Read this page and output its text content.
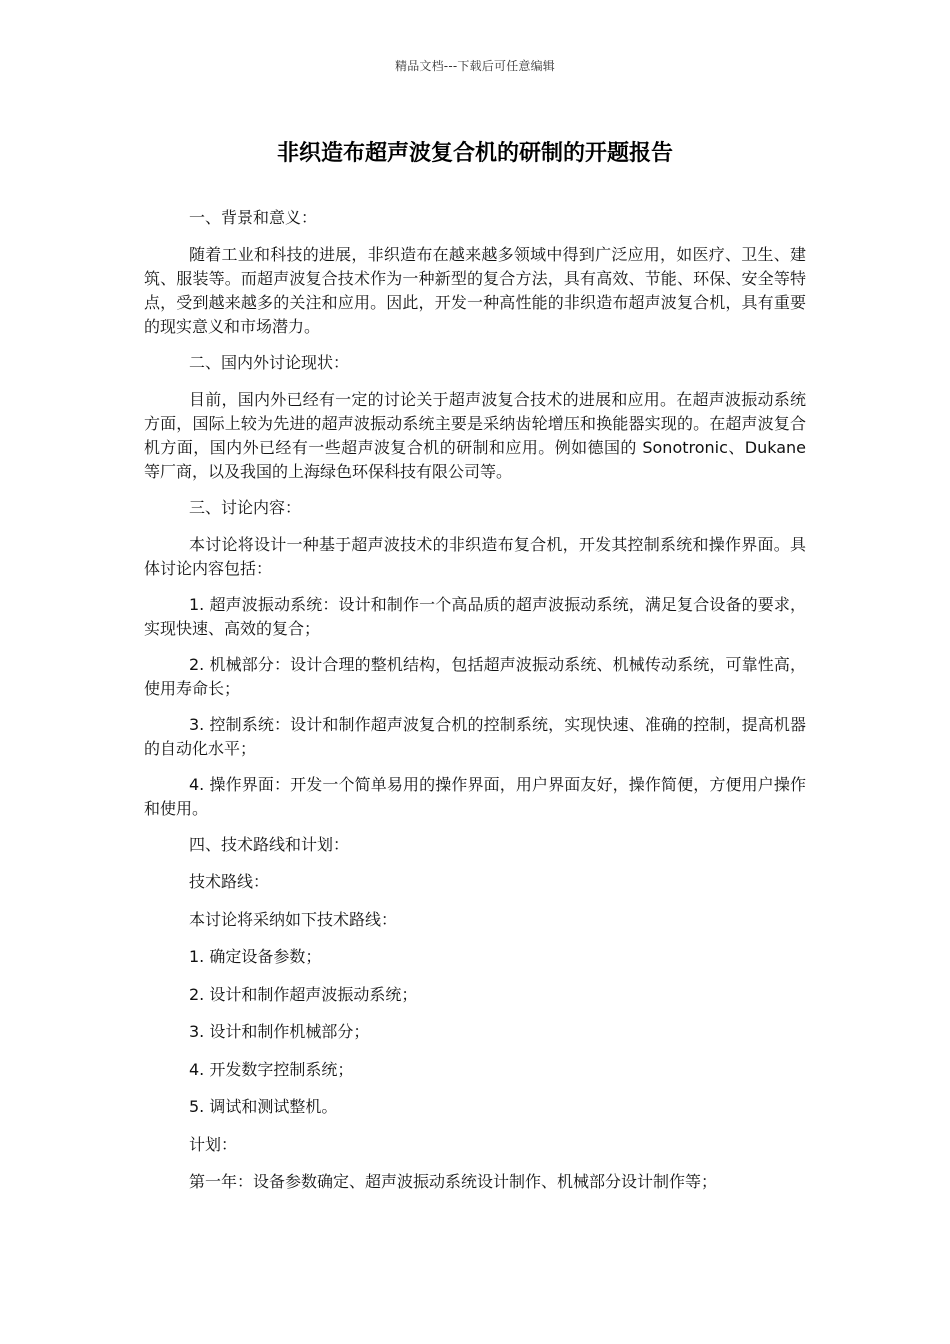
精品文档---下载后可任意编辑
非织造布超声波复合机的研制的开题报告

一、背景和意义：

随着工业和科技的进展，非织造布在越来越多领域中得到广泛应用，如医疗、卫生、建筑、服装等。而超声波复合技术作为一种新型的复合方法，具有高效、节能、环保、安全等特点，受到越来越多的关注和应用。因此，开发一种高性能的非织造布超声波复合机，具有重要的现实意义和市场潜力。

二、国内外讨论现状：

目前，国内外已经有一定的讨论关于超声波复合技术的进展和应用。在超声波振动系统方面，国际上较为先进的超声波振动系统主要是采纳齿轮增压和换能器实现的。在超声波复合机方面，国内外已经有一些超声波复合机的研制和应用。例如德国的 Sonotronic、Dukane 等厂商，以及我国的上海绿色环保科技有限公司等。

三、讨论内容：

本讨论将设计一种基于超声波技术的非织造布复合机，开发其控制系统和操作界面。具体讨论内容包括：

1. 超声波振动系统：设计和制作一个高品质的超声波振动系统，满足复合设备的要求，实现快速、高效的复合；

2. 机械部分：设计合理的整机结构，包括超声波振动系统、机械传动系统，可靠性高，使用寿命长；

3. 控制系统：设计和制作超声波复合机的控制系统，实现快速、准确的控制，提高机器的自动化水平；

4. 操作界面：开发一个简单易用的操作界面，用户界面友好，操作简便，方便用户操作和使用。

四、技术路线和计划：

技术路线：

本讨论将采纳如下技术路线：

1. 确定设备参数；

2. 设计和制作超声波振动系统；

3. 设计和制作机械部分；

4. 开发数字控制系统；

5. 调试和测试整机。

计划：

第一年：设备参数确定、超声波振动系统设计制作、机械部分设计制作等；
